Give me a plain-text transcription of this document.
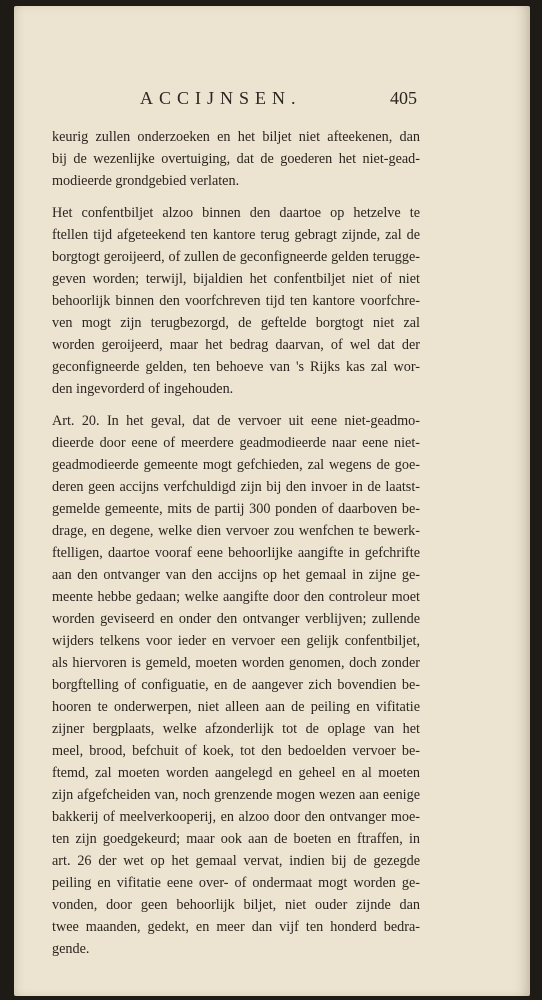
ACCIJNSEN.	405
keurig zullen onderzoeken en het biljet niet afteekenen, dan
bij de wezenlijke overtuiging, dat de goederen het niet-gead-
modieerde grondgebied verlaten.
Het confentbiljet alzoo binnen den daartoe op hetzelve te
ftellen tijd afgeteekend ten kantore terug gebragt zijnde, zal de
borgtogt geroijeerd, of zullen de geconfigneerde gelden terugge-
geven worden; terwijl, bijaldien het confentbiljet niet of niet
behoorlijk binnen den voorfchreven tijd ten kantore voorfchre-
ven mogt zijn terugbezorgd, de geftelde borgtogt niet zal
worden geroijeerd, maar het bedrag daarvan, of wel dat der
geconfigneerde gelden, ten behoeve van 's Rijks kas zal wor-
den ingevorderd of ingehouden.
Art. 20. In het geval, dat de vervoer uit eene niet-geadmo-
dieerde door eene of meerdere geadmodieerde naar eene niet-
geadmodieerde gemeente mogt gefchieden, zal wegens de goe-
deren geen accijns verfchuldigd zijn bij den invoer in de laatst-
gemelde gemeente, mits de partij 300 ponden of daarboven be-
drage, en degene, welke dien vervoer zou wenfchen te bewerk-
ftelligen, daartoe vooraf eene behoorlijke aangifte in gefchrifte
aan den ontvanger van den accijns op het gemaal in zijne ge-
meente hebbe gedaan; welke aangifte door den controleur moet
worden geviseerd en onder den ontvanger verblijven; zullende
wijders telkens voor ieder en vervoer een gelijk confentbiljet,
als hiervoren is gemeld, moeten worden genomen, doch zonder
borgftelling of configuatie, en de aangever zich bovendien be-
hooren te onderwerpen, niet alleen aan de peiling en vifitatie
zijner bergplaats, welke afzonderlijk tot de oplage van het
meel, brood, befchuit of koek, tot den bedoelden vervoer be-
ftemd, zal moeten worden aangelegd en geheel en al moeten
zijn afgefcheiden van, noch grenzende mogen wezen aan eenige
bakkerij of meelverkooperij, en alzoo door den ontvanger moe-
ten zijn goedgekeurd; maar ook aan de boeten en ftraffen, in
art. 26 der wet op het gemaal vervat, indien bij de gezegde
peiling en vifitatie eene over- of ondermaat mogt worden ge-
vonden, door geen behoorlijk biljet, niet ouder zijnde dan
twee maanden, gedekt, en meer dan vijf ten honderd bedra-
gende.
